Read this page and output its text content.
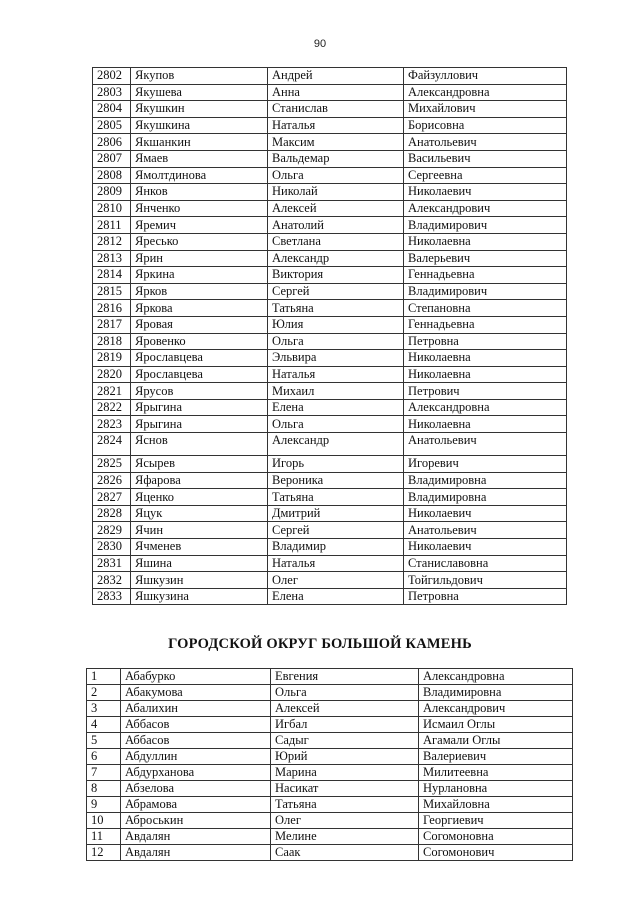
90
2802	Якупов	Андрей	Файзуллович
2803	Якушева	Анна	Александровна
2804	Якушкин	Станислав	Михайлович
2805	Якушкина	Наталья	Борисовна
2806	Якшанкин	Максим	Анатольевич
2807	Ямаев	Вальдемар	Васильевич
2808	Ямолтдинова	Ольга	Сергеевна
2809	Янков	Николай	Николаевич
2810	Янченко	Алексей	Александрович
2811	Яремич	Анатолий	Владимирович
2812	Яресько	Светлана	Николаевна
2813	Ярин	Александр	Валерьевич
2814	Яркина	Виктория	Геннадьевна
2815	Ярков	Сергей	Владимирович
2816	Яркова	Татьяна	Степановна
2817	Яровая	Юлия	Геннадьевна
2818	Яровенко	Ольга	Петровна
2819	Ярославцева	Эльвира	Николаевна
2820	Ярославцева	Наталья	Николаевна
2821	Ярусов	Михаил	Петрович
2822	Ярыгина	Елена	Александровна
2823	Ярыгина	Ольга	Николаевна
2824	Яснов	Александр	Анатольевич
2825	Ясырев	Игорь	Игоревич
2826	Яфарова	Вероника	Владимировна
2827	Яценко	Татьяна	Владимировна
2828	Яцук	Дмитрий	Николаевич
2829	Ячин	Сергей	Анатольевич
2830	Ячменев	Владимир	Николаевич
2831	Яшина	Наталья	Станиславовна
2832	Яшкузин	Олег	Тойгильдович
2833	Яшкузина	Елена	Петровна
ГОРОДСКОЙ ОКРУГ БОЛЬШОЙ КАМЕНЬ
1	Абабурко	Евгения	Александровна
2	Абакумова	Ольга	Владимировна
3	Абалихин	Алексей	Александрович
4	Аббасов	Игбал	Исмаил Оглы
5	Аббасов	Садыг	Агамали Оглы
6	Абдуллин	Юрий	Валериевич
7	Абдурханова	Марина	Милитеевна
8	Абзелова	Насикат	Нурлановна
9	Абрамова	Татьяна	Михайловна
10	Аброськин	Олег	Георгиевич
11	Авдалян	Мелине	Согомоновна
12	Авдалян	Саак	Согомонович
